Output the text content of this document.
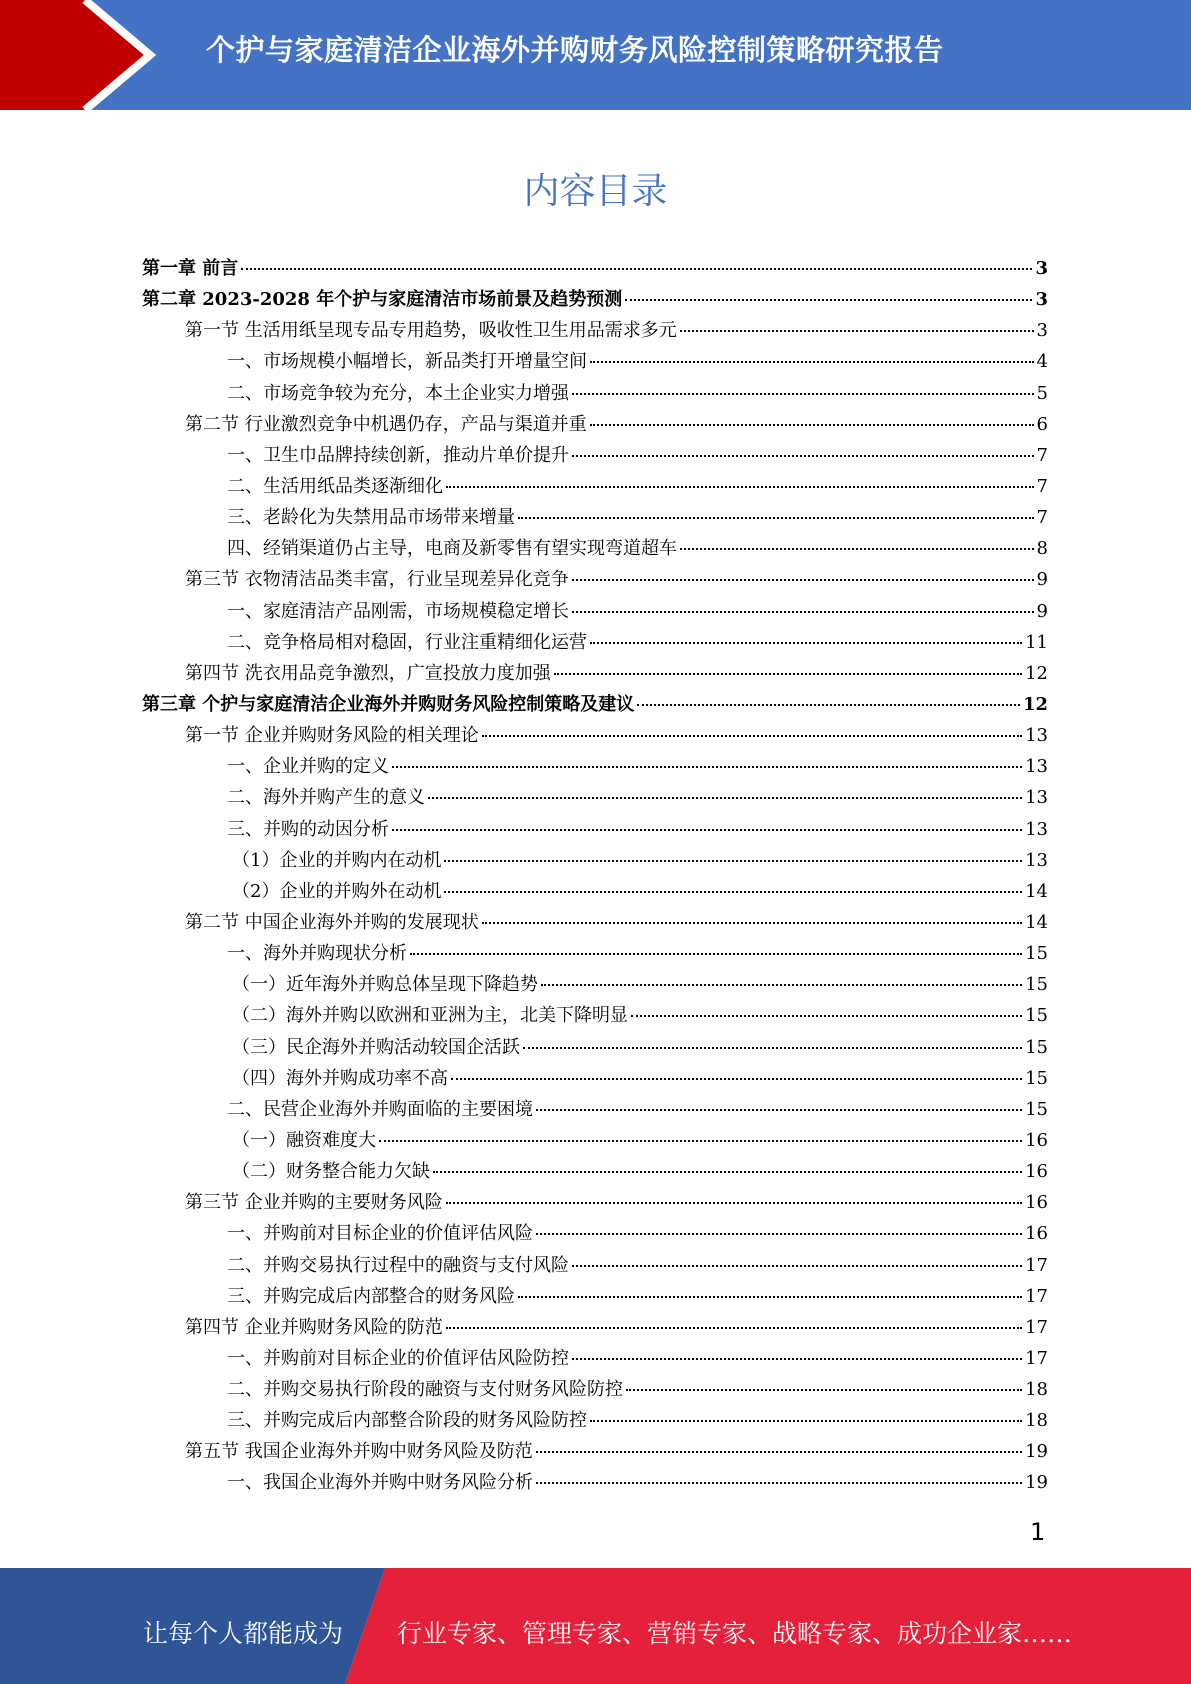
个护与家庭清洁企业海外并购财务风险控制策略研究报告
内容目录
第一章 前言	3
第二章 2023-2028 年个护与家庭清洁市场前景及趋势预测	3
第一节 生活用纸呈现专品专用趋势，吸收性卫生用品需求多元	3
一、市场规模小幅增长，新品类打开增量空间	4
二、市场竞争较为充分，本土企业实力增强	5
第二节 行业激烈竞争中机遇仍存，产品与渠道并重	6
一、卫生巾品牌持续创新，推动片单价提升	7
二、生活用纸品类逐渐细化	7
三、老龄化为失禁用品市场带来增量	7
四、经销渠道仍占主导，电商及新零售有望实现弯道超车	8
第三节 衣物清洁品类丰富，行业呈现差异化竞争	9
一、家庭清洁产品刚需，市场规模稳定增长	9
二、竞争格局相对稳固，行业注重精细化运营	11
第四节 洗衣用品竞争激烈，广宣投放力度加强	12
第三章 个护与家庭清洁企业海外并购财务风险控制策略及建议	12
第一节 企业并购财务风险的相关理论	13
一、企业并购的定义	13
二、海外并购产生的意义	13
三、并购的动因分析	13
（1）企业的并购内在动机	13
（2）企业的并购外在动机	14
第二节 中国企业海外并购的发展现状	14
一、海外并购现状分析	15
（一）近年海外并购总体呈现下降趋势	15
（二）海外并购以欧洲和亚洲为主，北美下降明显	15
（三）民企海外并购活动较国企活跃	15
（四）海外并购成功率不高	15
二、民营企业海外并购面临的主要困境	15
（一）融资难度大	16
（二）财务整合能力欠缺	16
第三节 企业并购的主要财务风险	16
一、并购前对目标企业的价值评估风险	16
二、并购交易执行过程中的融资与支付风险	17
三、并购完成后内部整合的财务风险	17
第四节 企业并购财务风险的防范	17
一、并购前对目标企业的价值评估风险防控	17
二、并购交易执行阶段的融资与支付财务风险防控	18
三、并购完成后内部整合阶段的财务风险防控	18
第五节 我国企业海外并购中财务风险及防范	19
一、我国企业海外并购中财务风险分析	19
1
让每个人都能成为 行业专家、管理专家、营销专家、战略专家、成功企业家……
